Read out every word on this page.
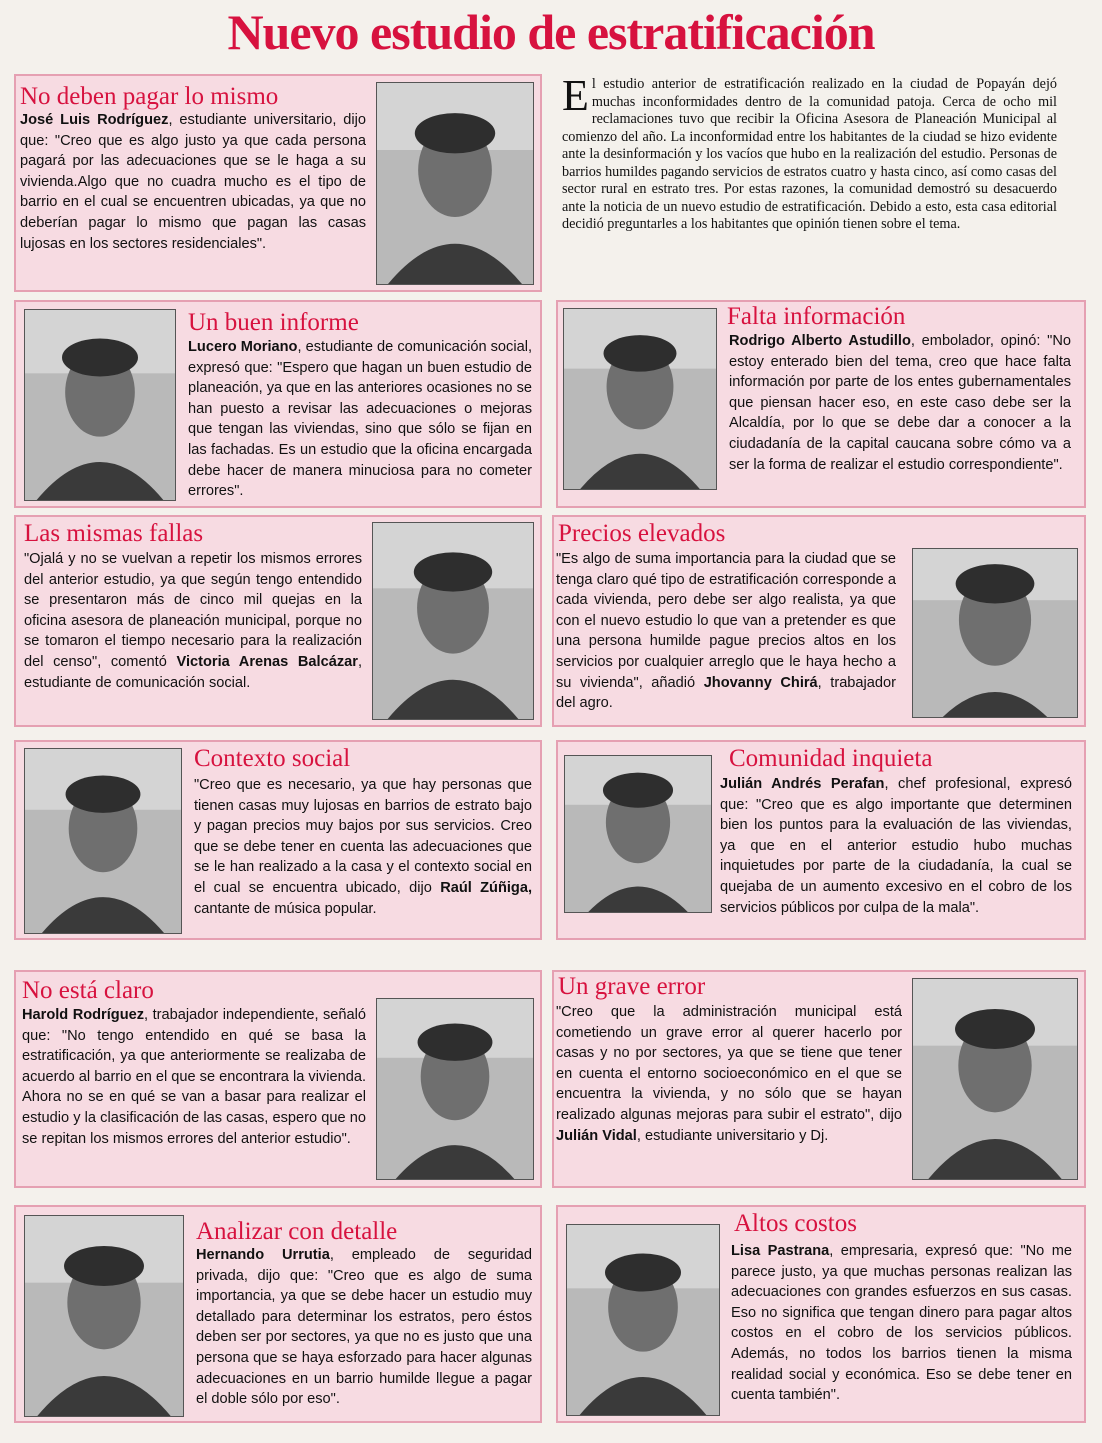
Nuevo estudio de estratificación
El estudio anterior de estratificación realizado en la ciudad de Popayán dejó muchas inconformidades dentro de la comunidad patoja. Cerca de ocho mil reclamaciones tuvo que recibir la Oficina Asesora de Planeación Municipal al comienzo del año. La inconformidad entre los habitantes de la ciudad se hizo evidente ante la desinformación y los vacíos que hubo en la realización del estudio. Personas de barrios humildes pagando servicios de estratos cuatro y hasta cinco, así como casas del sector rural en estrato tres. Por estas razones, la comunidad demostró su desacuerdo ante la noticia de un nuevo estudio de estratificación. Debido a esto, esta casa editorial decidió preguntarles a los habitantes que opinión tienen sobre el tema.
No deben pagar lo mismo
José Luis Rodríguez, estudiante universitario, dijo que: "Creo que es algo justo ya que cada persona pagará por las adecuaciones que se le haga a su vivienda.Algo que no cuadra mucho es el tipo de barrio en el cual se encuentren ubicadas, ya que no deberían pagar lo mismo que pagan las casas lujosas en los sectores residenciales".
Un buen informe
Lucero Moriano, estudiante de comunicación social, expresó que: "Espero que hagan un buen estudio de planeación, ya que en las anteriores ocasiones no se han puesto a revisar las adecuaciones o mejoras que tengan las viviendas, sino que sólo se fijan en las fachadas. Es un estudio que la oficina encargada debe hacer de manera minuciosa para no cometer errores".
Falta información
Rodrigo Alberto Astudillo, embolador, opinó: "No estoy enterado bien del tema, creo que hace falta información por parte de los entes gubernamentales que piensan hacer eso, en este caso debe ser la Alcaldía, por lo que se debe dar a conocer a la ciudadanía de la capital caucana sobre cómo va a ser la forma de realizar el estudio correspondiente".
Las mismas fallas
"Ojalá y no se vuelvan a repetir los mismos errores del anterior estudio, ya que según tengo entendido se presentaron más de cinco mil quejas en la oficina asesora de planeación municipal, porque no se tomaron el tiempo necesario para la realización del censo", comentó Victoria Arenas Balcázar, estudiante de comunicación social.
Precios elevados
"Es algo de suma importancia para la ciudad que se tenga claro qué tipo de estratificación corresponde a cada vivienda, pero debe ser algo realista, ya que con el nuevo estudio lo que van a pretender es que una persona humilde pague precios altos en los servicios por cualquier arreglo que le haya hecho a su vivienda", añadió Jhovanny Chirá, trabajador del agro.
Contexto social
"Creo que es necesario, ya que hay personas que tienen casas muy lujosas en barrios de estrato bajo y pagan precios muy bajos por sus servicios. Creo que se debe tener en cuenta las adecuaciones que se le han realizado a la casa y el contexto social en el cual se encuentra ubicado, dijo Raúl Zúñiga, cantante de música popular.
Comunidad inquieta
Julián Andrés Perafan, chef profesional, expresó que: "Creo que es algo importante que determinen bien los puntos para la evaluación de las viviendas, ya que en el anterior estudio hubo muchas inquietudes por parte de la ciudadanía, la cual se quejaba de un aumento excesivo en el cobro de los servicios públicos por culpa de la mala".
No está claro
Harold Rodríguez, trabajador independiente, señaló que: "No tengo entendido en qué se basa la estratificación, ya que anteriormente se realizaba de acuerdo al barrio en el que se encontrara la vivienda. Ahora no se en qué se van a basar para realizar el estudio y la clasificación de las casas, espero que no se repitan los mismos errores del anterior estudio".
Un grave error
"Creo que la administración municipal está cometiendo un grave error al querer hacerlo por casas y no por sectores, ya que se tiene que tener en cuenta el entorno socioeconómico en el que se encuentra la vivienda, y no sólo que se hayan realizado algunas mejoras para subir el estrato", dijo Julián Vidal, estudiante universitario y Dj.
Analizar con detalle
Hernando Urrutia, empleado de seguridad privada, dijo que: "Creo que es algo de suma importancia, ya que se debe hacer un estudio muy detallado para determinar los estratos, pero éstos deben ser por sectores, ya que no es justo que una persona que se haya esforzado para hacer algunas adecuaciones en un barrio humilde llegue a pagar el doble sólo por eso".
Altos costos
Lisa Pastrana, empresaria, expresó que: "No me parece justo, ya que muchas personas realizan las adecuaciones con grandes esfuerzos en sus casas. Eso no significa que tengan dinero para pagar altos costos en el cobro de los servicios públicos. Además, no todos los barrios tienen la misma realidad social y económica. Eso se debe tener en cuenta también".
